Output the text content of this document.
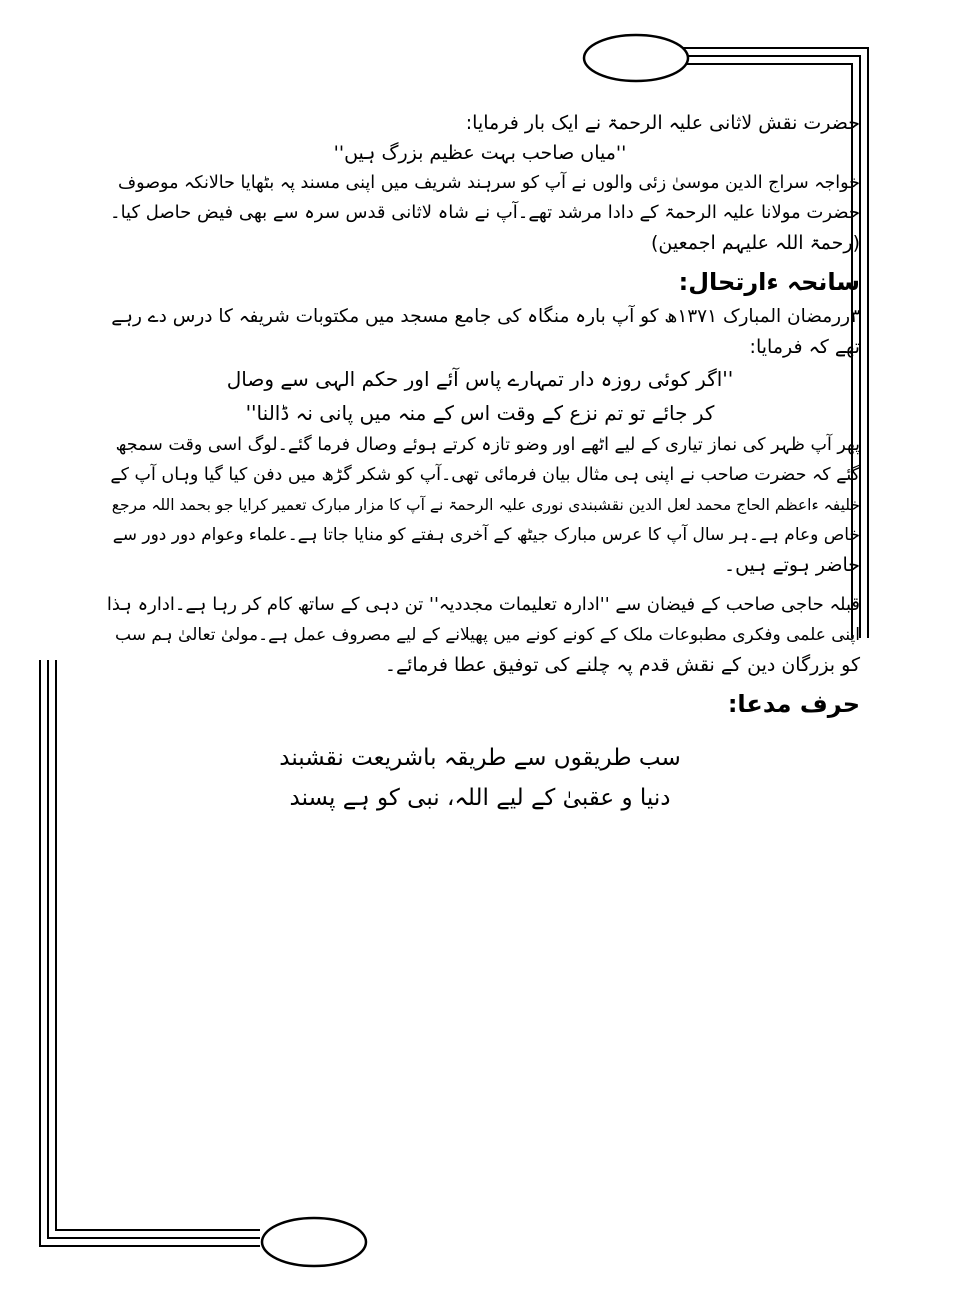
حضرت نقش لاثانی علیہ الرحمۃ نے ایک بار فرمایا:

''میاں صاحب بہت عظیم بزرگ ہیں''

خواجہ سراج الدین موسیٰ زئی والوں نے آپ کو سرہند شریف میں اپنی مسند پہ بٹھایا حالانکہ موصوف

حضرت مولانا علیہ الرحمۃ کے دادا مرشد تھے۔آپ نے شاہ لاثانی قدس سرہ سے بھی فیض حاصل کیا۔

(رحمۃ اللہ علیہم اجمعین)

سانحہ ءارتحال:

۳ررمضان المبارک ۱۳۷۱ھ کو آپ بارہ منگاہ کی جامع مسجد میں مکتوبات شریفہ کا درس دے رہے

تھے کہ فرمایا:

''اگر کوئی روزہ دار تمہارے پاس آئے اور حکم الہی سے وصال

کر جائے تو تم نزع کے وقت اس کے منہ میں پانی نہ ڈالنا''

پھر آپ ظہر کی نماز تیاری کے لیے اٹھے اور وضو تازہ کرتے ہوئے وصال فرما گئے۔لوگ اسی وقت سمجھ

گئے کہ حضرت صاحب نے اپنی ہی مثال بیان فرمائی تھی۔آپ کو شکر گڑھ میں دفن کیا گیا وہاں آپ کے

خلیفہ ءاعظم الحاج محمد لعل الدین نقشبندی نوری علیہ الرحمۃ نے آپ کا مزار مبارک تعمیر کرایا جو بحمد اللہ مرجع

خاص وعام ہے۔ہر سال آپ کا عرس مبارک جیٹھ کے آخری ہفتے کو منایا جاتا ہے۔علماء وعوام دور دور سے

حاضر ہوتے ہیں۔

قبلہ حاجی صاحب کے فیضان سے ''ادارہ تعلیمات مجددیہ'' تن دہی کے ساتھ کام کر رہا ہے۔ادارہ ہذا

اپنی علمی وفکری مطبوعات ملک کے کونے کونے میں پھیلانے کے لیے مصروف عمل ہے۔مولیٰ تعالیٰ ہم سب

کو بزرگان دین کے نقش قدم پہ چلنے کی توفیق عطا فرمائے۔

حرف مدعا:

سب طریقوں سے طریقہ باشریعت نقشبند

دنیا و عقبیٰ کے لیے اللہ، نبی کو ہے پسند
